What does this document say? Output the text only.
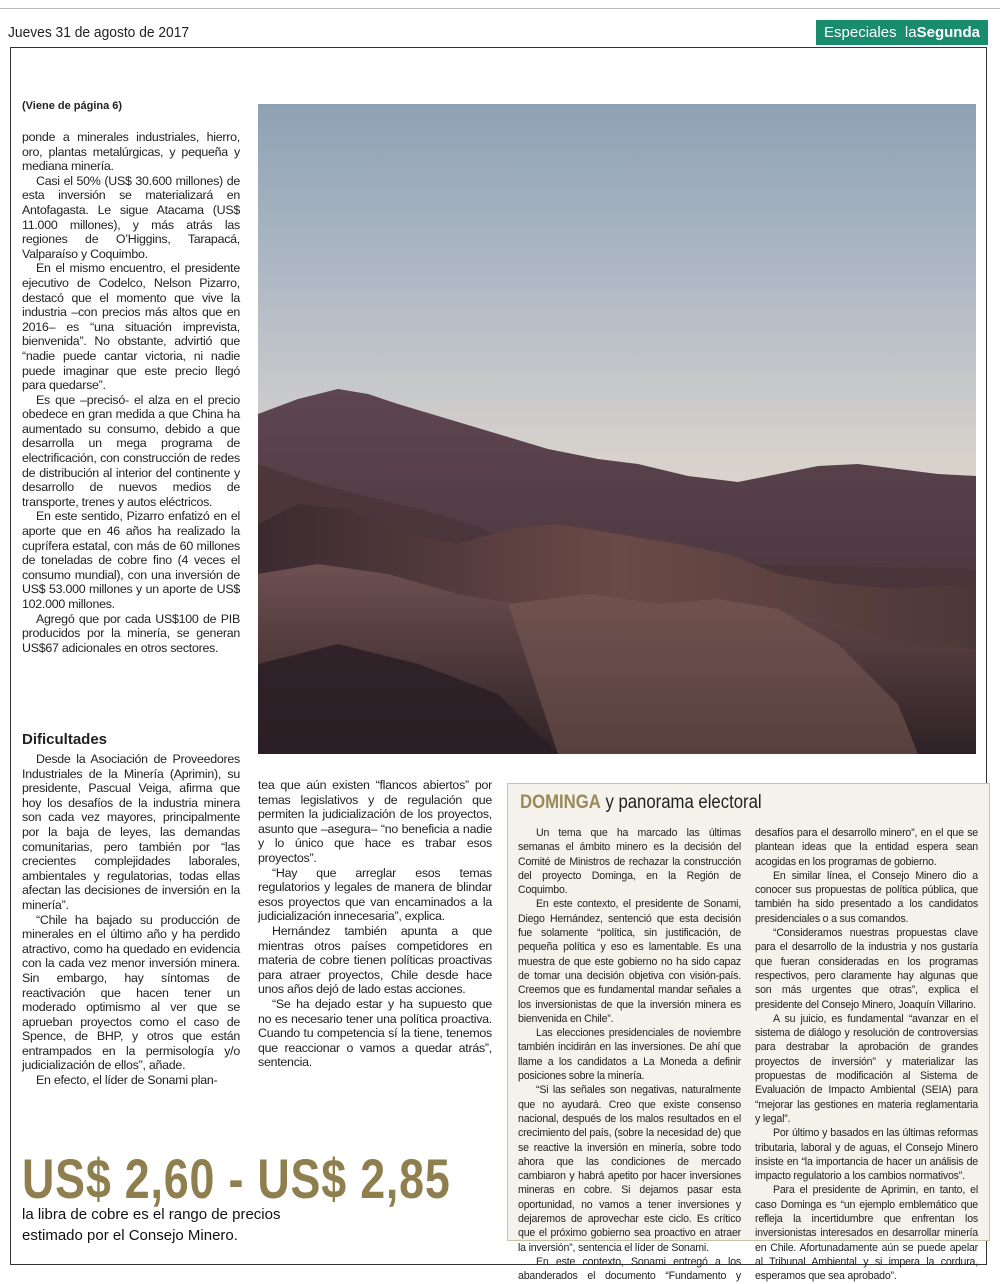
Jueves 31 de agosto de 2017	Especiales laSegunda
(Viene de página 6)

ponde a minerales industriales, hierro, oro, plantas metalúrgicas, y pequeña y mediana minería.

Casi el 50% (US$ 30.600 millones) de esta inversión se materializará en Antofagasta. Le sigue Atacama (US$ 11.000 millones), y más atrás las regiones de O’Higgins, Tarapacá, Valparaíso y Coquimbo.

En el mismo encuentro, el presidente ejecutivo de Codelco, Nelson Pizarro, destacó que el momento que vive la industria –con precios más altos que en 2016– es “una situación imprevista, bienvenida”. No obstante, advirtió que “nadie puede cantar victoria, ni nadie puede imaginar que este precio llegó para quedarse”.

Es que –precisó- el alza en el precio obedece en gran medida a que China ha aumentado su consumo, debido a que desarrolla un mega programa de electrificación, con construcción de redes de distribución al interior del continente y desarrollo de nuevos medios de transporte, trenes y autos eléctricos.

En este sentido, Pizarro enfatizó en el aporte que en 46 años ha realizado la cuprífera estatal, con más de 60 millones de toneladas de cobre fino (4 veces el consumo mundial), con una inversión de US$ 53.000 millones y un aporte de US$ 102.000 millones.

Agregó que por cada US$100 de PIB producidos por la minería, se generan US$67 adicionales en otros sectores.

Dificultades

Desde la Asociación de Proveedores Industriales de la Minería (Aprimin), su presidente, Pascual Veiga, afirma que hoy los desafíos de la industria minera son cada vez mayores, principalmente por la baja de leyes, las demandas comunitarias, pero también por “las crecientes complejidades laborales, ambientales y regulatorias, todas ellas afectan las decisiones de inversión en la minería”.

“Chile ha bajado su producción de minerales en el último año y ha perdido atractivo, como ha quedado en evidencia con la cada vez menor inversión minera. Sin embargo, hay síntomas de reactivación que hacen tener un moderado optimismo al ver que se aprueban proyectos como el caso de Spence, de BHP, y otros que están entrampados en la permisología y/o judicialización de ellos”, añade.

En efecto, el líder de Sonami plan-

tea que aún existen “flancos abiertos” por temas legislativos y de regulación que permiten la judicialización de los proyectos, asunto que –asegura– “no beneficia a nadie y lo único que hace es trabar esos proyectos”.

“Hay que arreglar esos temas regulatorios y legales de manera de blindar esos proyectos que van encaminados a la judicialización innecesaria”, explica.

Hernández también apunta a que mientras otros países competidores en materia de cobre tienen políticas proactivas para atraer proyectos, Chile desde hace unos años dejó de lado estas acciones.

“Se ha dejado estar y ha supuesto que no es necesario tener una política proactiva. Cuando tu competencia sí la tiene, tenemos que reaccionar o vamos a quedar atrás”, sentencia.

DOMINGA y panorama electoral

Un tema que ha marcado las últimas semanas el ámbito minero es la decisión del Comité de Ministros de rechazar la construcción del proyecto Dominga, en la Región de Coquimbo.

En este contexto, el presidente de Sonami, Diego Hernández, sentenció que esta decisión fue solamente “política, sin justificación, de pequeña política y eso es lamentable. Es una muestra de que este gobierno no ha sido capaz de tomar una decisión objetiva con visión-país. Creemos que es fundamental mandar señales a los inversionistas de que la inversión minera es bienvenida en Chile”.

Las elecciones presidenciales de noviembre también incidirán en las inversiones. De ahí que llame a los candidatos a La Moneda a definir posiciones sobre la minería.

“Si las señales son negativas, naturalmente que no ayudará. Creo que existe consenso nacional, después de los malos resultados en el crecimiento del país, (sobre la necesidad de) que se reactive la inversión en minería, sobre todo ahora que las condiciones de mercado cambiaron y habrá apetito por hacer inversiones mineras en cobre. Si dejamos pasar esta oportunidad, no vamos a tener inversiones y dejaremos de aprovechar este ciclo. Es crítico que el próximo gobierno sea proactivo en atraer la inversión”, sentencia el líder de Sonami.

En este contexto, Sonami entregó a los abanderados el documento “Fundamento y desafíos para el desarrollo minero”, en el que se plantean ideas que la entidad espera sean acogidas en los programas de gobierno.

En similar línea, el Consejo Minero dio a conocer sus propuestas de política pública, que también ha sido presentado a los candidatos presidenciales o a sus comandos.

“Consideramos nuestras propuestas clave para el desarrollo de la industria y nos gustaría que fueran consideradas en los programas respectivos, pero claramente hay algunas que son más urgentes que otras”, explica el presidente del Consejo Minero, Joaquín Villarino.

A su juicio, es fundamental “avanzar en el sistema de diálogo y resolución de controversias para destrabar la aprobación de grandes proyectos de inversión” y materializar las propuestas de modificación al Sistema de Evaluación de Impacto Ambiental (SEIA) para “mejorar las gestiones en materia reglamentaria y legal”.

Por último y basados en las últimas reformas tributaria, laboral y de aguas, el Consejo Minero insiste en “la importancia de hacer un análisis de impacto regulatorio a los cambios normativos”.

Para el presidente de Aprimin, en tanto, el caso Dominga es “un ejemplo emblemático que refleja la incertidumbre que enfrentan los inversionistas interesados en desarrollar minería en Chile. Afortunadamente aún se puede apelar al Tribunal Ambiental y si impera la cordura, esperamos que sea aprobado”.

US$ 2,60 - US$ 2,85
la libra de cobre es el rango de precios estimado por el Consejo Minero.
